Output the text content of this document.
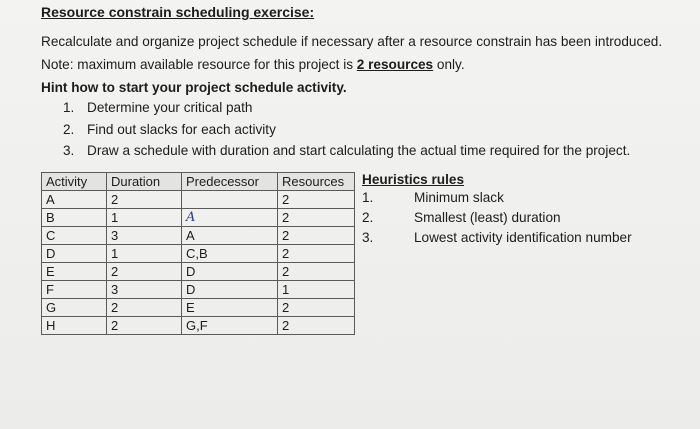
Resource constrain scheduling exercise:
Recalculate and organize project schedule if necessary after a resource constrain has been introduced.
Note: maximum available resource for this project is 2 resources only.
Hint how to start your project schedule activity.
1. Determine your critical path
2. Find out slacks for each activity
3. Draw a schedule with duration and start calculating the actual time required for the project.
Activity	Duration	Predecessor	Resources
A	2		2
B	1	A	2
C	3	A	2
D	1	C,B	2
E	2	D	2
F	3	D	1
G	2	E	2
H	2	G,F	2
Heuristics rules
1.	Minimum slack
2.	Smallest (least) duration
3.	Lowest activity identification number
